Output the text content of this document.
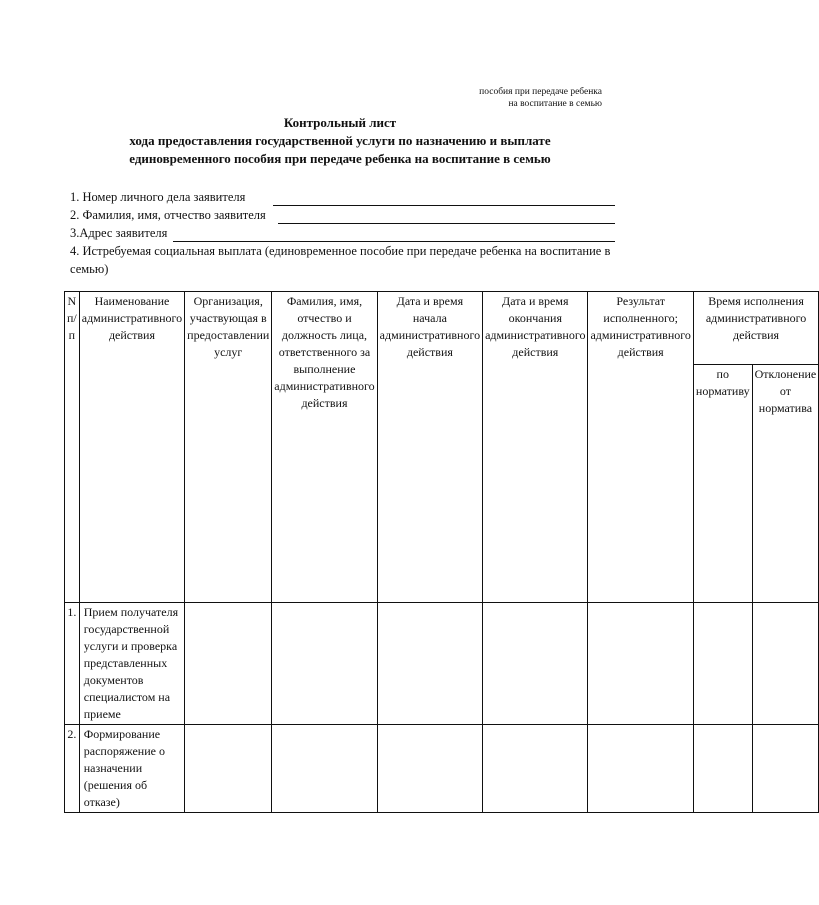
пособия при передаче ребенка
на воспитание в семью
Контрольный лист
хода предоставления государственной услуги по назначению и выплате
единовременного пособия при передаче ребенка на воспитание в семью
1. Номер личного дела заявителя
2. Фамилия, имя, отчество заявителя
3.Адрес заявителя
4. Истребуемая социальная выплата (единовременное пособие при передаче ребенка на воспитание в семью)
N п/п	Наименование административного действия	Организация, участвующая в предоставлении услуг	Фамилия, имя, отчество и должность лица, ответственного за выполнение административного действия	Дата и время начала административного действия	Дата и время окончания административного действия	Результат исполненного; административного действия	Время исполнения административного действия	
							по нормативу	Отклонение от норматива
1.	Прием получателя государственной услуги и проверка представленных документов специалистом на приеме							
2.	Формирование распоряжение о назначении (решения об отказе)							
